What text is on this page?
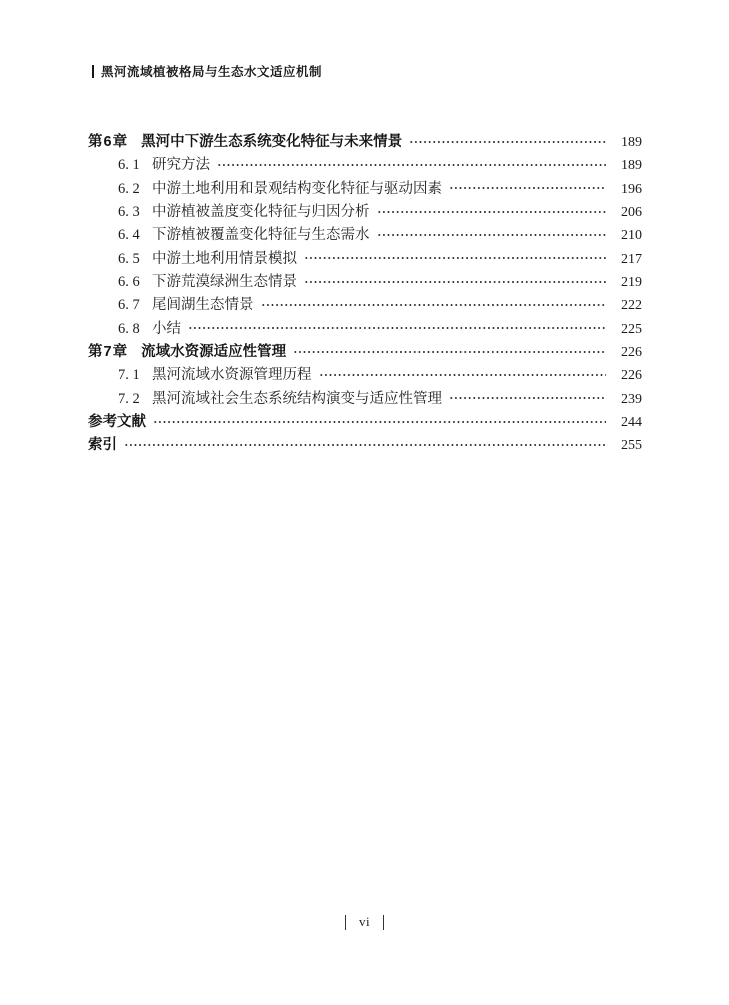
黑河流域植被格局与生态水文适应机制
第6章 黑河中下游生态系统变化特征与未来情景	189
6. 1 研究方法	189
6. 2 中游土地利用和景观结构变化特征与驱动因素	196
6. 3 中游植被盖度变化特征与归因分析	206
6. 4 下游植被覆盖变化特征与生态需水	210
6. 5 中游土地利用情景模拟	217
6. 6 下游荒漠绿洲生态情景	219
6. 7 尾闾湖生态情景	222
6. 8 小结	225
第7章 流域水资源适应性管理	226
7. 1 黑河流域水资源管理历程	226
7. 2 黑河流域社会生态系统结构演变与适应性管理	239
参考文献	244
索引	255
vi
